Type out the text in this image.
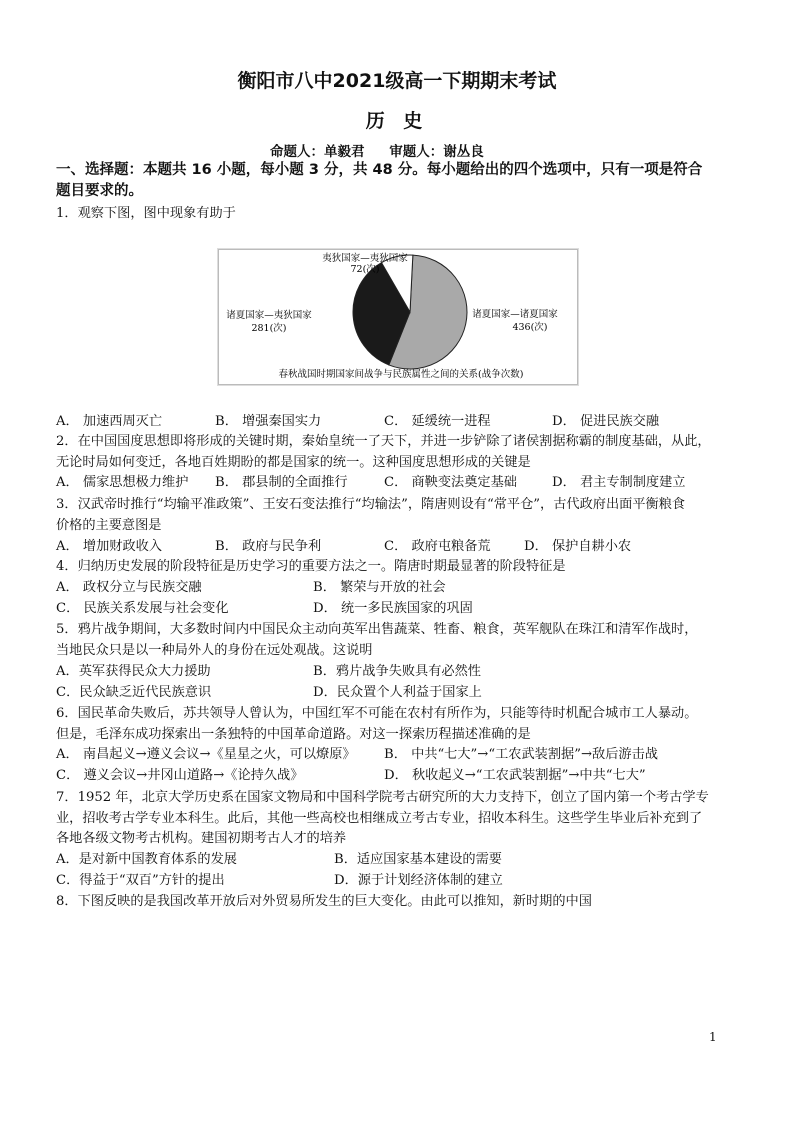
衡阳市八中2021级高一下期期末考试
历 史
命题人：单毅君 审题人：谢丛良
一、选择题：本题共 16 小题，每小题 3 分，共 48 分。每小题给出的四个选项中，只有一项是符合
题目要求的。
1．观察下图，图中现象有助于
夷狄国家—夷狄国家
72(次)
诸夏国家—夷狄国家
281(次)
诸夏国家—诸夏国家
436(次)
春秋战国时期国家间战争与民族属性之间的关系(战争次数)
A． 加速西周灭亡	B． 增强秦国实力	C． 延缓统一进程	D． 促进民族交融
2．在中国国度思想即将形成的关键时期，秦始皇统一了天下，并进一步铲除了诸侯割据称霸的制度基础，从此，
无论时局如何变迁，各地百姓期盼的都是国家的统一。这种国度思想形成的关键是
A． 儒家思想极力维护 B． 郡县制的全面推行	C． 商鞅变法奠定基础	D． 君主专制制度建立
3．汉武帝时推行“均输平准政策”、王安石变法推行“均输法”，隋唐则设有“常平仓”，古代政府出面平衡粮食
价格的主要意图是
A． 增加财政收入	B． 政府与民争利	C． 政府屯粮备荒	D． 保护自耕小农
4．归纳历史发展的阶段特征是历史学习的重要方法之一。隋唐时期最显著的阶段特征是
A． 政权分立与民族交融	B． 繁荣与开放的社会
C． 民族关系发展与社会变化	D． 统一多民族国家的巩固
5．鸦片战争期间，大多数时间内中国民众主动向英军出售蔬菜、牲畜、粮食，英军舰队在珠江和清军作战时，
当地民众只是以一种局外人的身份在远处观战。这说明
A．英军获得民众大力援助	B．鸦片战争失败具有必然性
C．民众缺乏近代民族意识	D．民众置个人利益于国家上
6．国民革命失败后，苏共领导人曾认为，中国红军不可能在农村有所作为，只能等待时机配合城市工人暴动。
但是，毛泽东成功探索出一条独特的中国革命道路。对这一探索历程描述准确的是
A． 南昌起义→遵义会议→《星星之火，可以燎原》 B． 中共“七大”→“工农武装割据”→敌后游击战
C． 遵义会议→井冈山道路→《论持久战》	D． 秋收起义→“工农武装割据”→中共“七大”
7．1952 年，北京大学历史系在国家文物局和中国科学院考古研究所的大力支持下，创立了国内第一个考古学专
业，招收考古学专业本科生。此后，其他一些高校也相继成立考古专业，招收本科生。这些学生毕业后补充到了
各地各级文物考古机构。建国初期考古人才的培养
A．是对新中国教育体系的发展	B．适应国家基本建设的需要
C．得益于“双百”方针的提出	D．源于计划经济体制的建立
8．下图反映的是我国改革开放后对外贸易所发生的巨大变化。由此可以推知，新时期的中国
1
